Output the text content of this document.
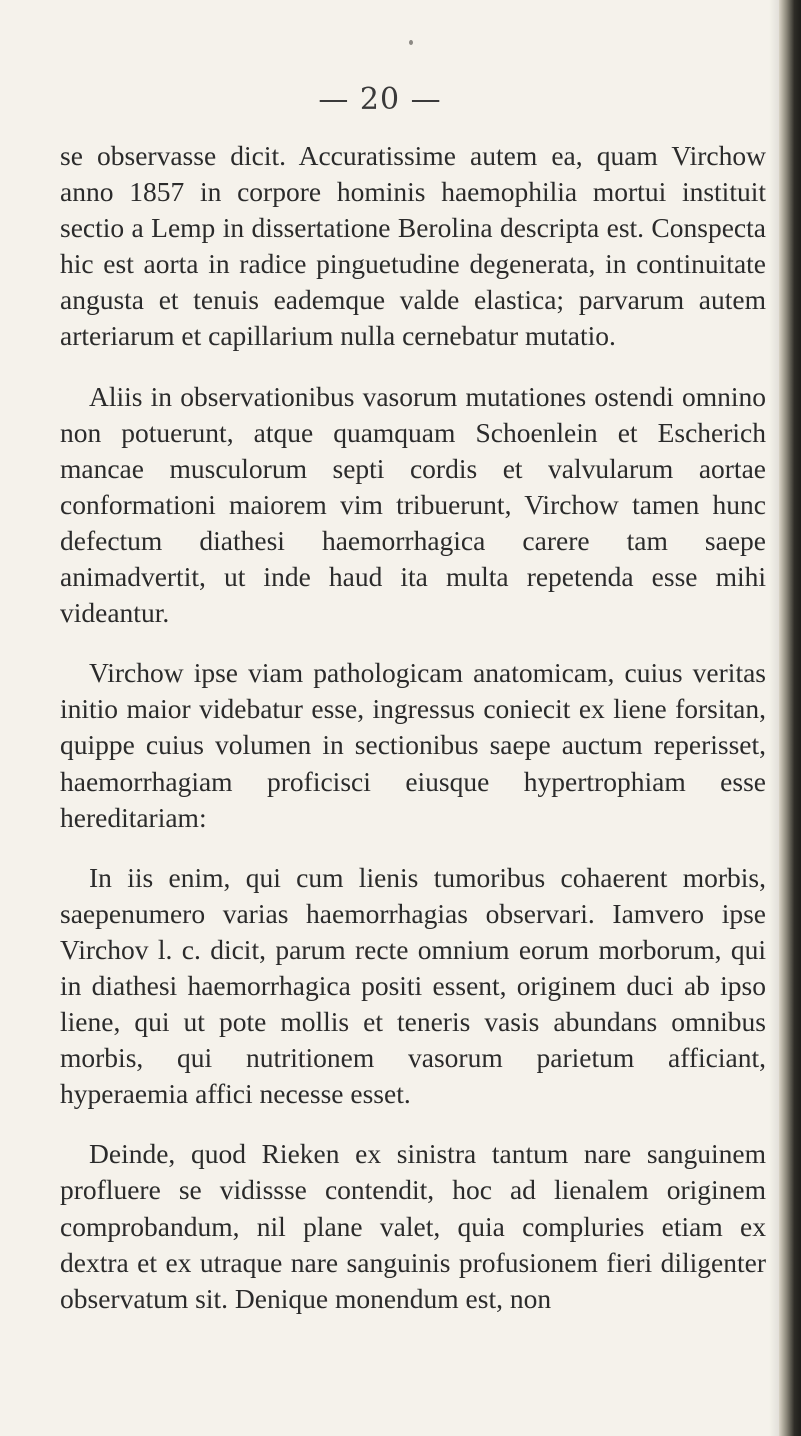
— 20 —

se observasse dicit. Accuratissime autem ea, quam Virchow anno 1857 in corpore hominis haemophilia mortui instituit sectio a Lemp in dissertatione Berolina descripta est. Conspecta hic est aorta in radice pinguetudine degenerata, in continuitate angusta et tenuis eademque valde elastica; parvarum autem arteriarum et capillarium nulla cernebatur mutatio.

Aliis in observationibus vasorum mutationes ostendi omnino non potuerunt, atque quamquam Schoenlein et Escherich mancae musculorum septi cordis et valvularum aortae conformationi maiorem vim tribuerunt, Virchow tamen hunc defectum diathesi haemorrhagica carere tam saepe animadvertit, ut inde haud ita multa repetenda esse mihi videantur.

Virchow ipse viam pathologicam anatomicam, cuius veritas initio maior videbatur esse, ingressus coniecit ex liene forsitan, quippe cuius volumen in sectionibus saepe auctum reperisset, haemorrhagiam proficisci eiusque hypertrophiam esse hereditariam:

In iis enim, qui cum lienis tumoribus cohaerent morbis, saepenumero varias haemorrhagias observari. Iamvero ipse Virchov l. c. dicit, parum recte omnium eorum morborum, qui in diathesi haemorrhagica positi essent, originem duci ab ipso liene, qui ut pote mollis et teneris vasis abundans omnibus morbis, qui nutritionem vasorum parietum afficiant, hyperaemia affici necesse esset.

Deinde, quod Rieken ex sinistra tantum nare sanguinem profluere se vidissse contendit, hoc ad lienalem originem comprobandum, nil plane valet, quia compluries etiam ex dextra et ex utraque nare sanguinis profusionem fieri diligenter observatum sit. Denique monendum est, non
